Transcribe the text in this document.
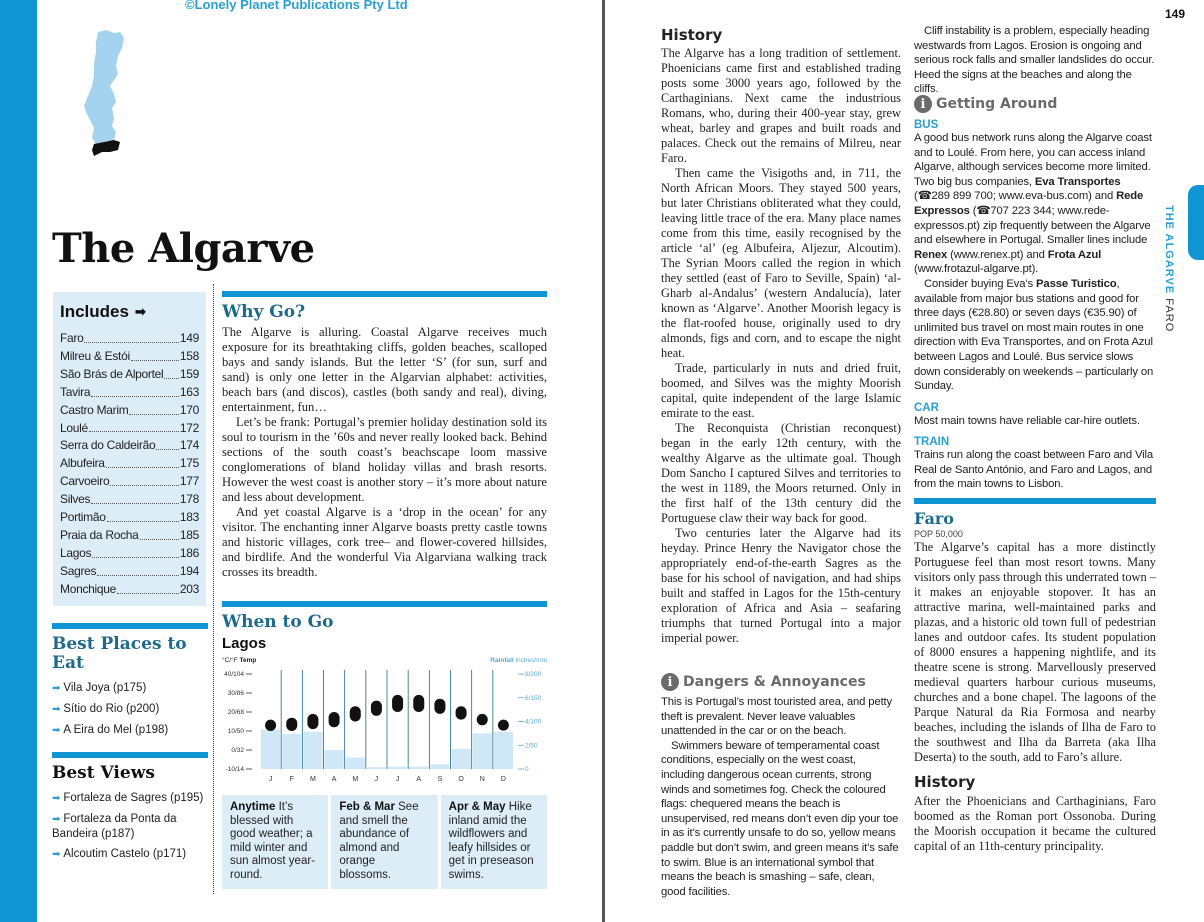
©Lonely Planet Publications Pty Ltd
The Algarve
Includes ➡
Faro	149
Milreu & Estói	158
São Brás de Alportel 159
Tavira	163
Castro Marim	170
Loulé	172
Serra do Caldeirão 174
Albufeira	175
Carvoeiro	177
Silves	178
Portimão	183
Praia da Rocha	185
Lagos	186
Sagres	194
Monchique	203
Best Places to Eat
➡ Vila Joya (p175)
➡ Sítio do Rio (p200)
➡ A Eira do Mel (p198)
Best Views
➡ Fortaleza de Sagres (p195)
➡ Fortaleza da Ponta da Bandeira (p187)
➡ Alcoutim Castelo (p171)
Why Go?

The Algarve is alluring. Coastal Algarve receives much exposure for its breathtaking cliffs, golden beaches, scalloped bays and sandy islands. But the letter ‘S’ (for sun, surf and sand) is only one letter in the Algarvian alphabet: activities, beach bars (and discos), castles (both sandy and real), diving, entertainment, fun…

Let’s be frank: Portugal’s premier holiday destination sold its soul to tourism in the ’60s and never really looked back. Behind sections of the south coast’s beachscape loom massive conglomerations of bland holiday villas and brash resorts. However the west coast is another story – it’s more about nature and less about development.

And yet coastal Algarve is a ‘drop in the ocean’ for any visitor. The enchanting inner Algarve boasts pretty castle towns and historic villages, cork tree– and flower-covered hillsides, and birdlife. And the wonderful Via Algarviana walking track crosses its breadth.

When to Go
Lagos
°C/°F Temp	Rainfall inches/mm
40/104
30/86
20/68
10/50
0/32
-10/14
8/200
6/150
4/100
2/50
0
J F M A M J	J A S O N D
Anytime It’s blessed with good weather; a mild winter and sun almost year-round.
Feb & Mar See and smell the abundance of almond and orange blossoms.
Apr & May Hike inland amid the wildflowers and leafy hillsides or get in preseason swims.
149
History

The Algarve has a long tradition of settlement. Phoenicians came first and established trading posts some 3000 years ago, followed by the Carthaginians. Next came the industrious Romans, who, during their 400-year stay, grew wheat, barley and grapes and built roads and palaces. Check out the remains of Milreu, near Faro.

Then came the Visigoths and, in 711, the North African Moors. They stayed 500 years, but later Christians obliterated what they could, leaving little trace of the era. Many place names come from this time, easily recognised by the article ‘al’ (eg Albufeira, Aljezur, Alcoutim). The Syrian Moors called the region in which they settled (east of Faro to Seville, Spain) ‘al-Gharb al-Andalus’ (western Andalucía), later known as ‘Algarve’. Another Moorish legacy is the flat-roofed house, originally used to dry almonds, figs and corn, and to escape the night heat.

Trade, particularly in nuts and dried fruit, boomed, and Silves was the mighty Moorish capital, quite independent of the large Islamic emirate to the east.

The Reconquista (Christian reconquest) began in the early 12th century, with the wealthy Algarve as the ultimate goal. Though Dom Sancho I captured Silves and territories to the west in 1189, the Moors returned. Only in the first half of the 13th century did the Portuguese claw their way back for good.

Two centuries later the Algarve had its heyday. Prince Henry the Navigator chose the appropriately end-of-the-earth Sagres as the base for his school of navigation, and had ships built and staffed in Lagos for the 15th-century exploration of Africa and Asia – seafaring triumphs that turned Portugal into a major imperial power.

i Dangers & Annoyances

This is Portugal’s most touristed area, and petty theft is prevalent. Never leave valuables unattended in the car or on the beach.

Swimmers beware of temperamental coast conditions, especially on the west coast, including dangerous ocean currents, strong winds and sometimes fog. Check the coloured flags: chequered means the beach is unsupervised, red means don’t even dip your toe in as it’s currently unsafe to do so, yellow means paddle but don’t swim, and green means it’s safe to swim. Blue is an international symbol that means the beach is smashing – safe, clean, good facilities.

Cliff instability is a problem, especially heading westwards from Lagos. Erosion is ongoing and serious rock falls and smaller landslides do occur. Heed the signs at the beaches and along the cliffs.

i Getting Around
BUS

A good bus network runs along the Algarve coast and to Loulé. From here, you can access inland Algarve, although services become more limited. Two big bus companies, Eva Transportes (☎289 899 700; www.eva-bus.com) and Rede Expressos (☎707 223 344; www.rede-expressos.pt) zip frequently between the Algarve and elsewhere in Portugal. Smaller lines include Renex (www.renex.pt) and Frota Azul (www.frotazul-algarve.pt).

Consider buying Eva’s Passe Turistico, available from major bus stations and good for three days (€28.80) or seven days (€35.90) of unlimited bus travel on most main routes in one direction with Eva Transportes, and on Frota Azul between Lagos and Loulé. Bus service slows down considerably on weekends – particularly on Sunday.

CAR
Most main towns have reliable car-hire outlets.
TRAIN
Trains run along the coast between Faro and Vila Real de Santo António, and Faro and Lagos, and from the main towns to Lisbon.
Faro
POP 50,000
The Algarve’s capital has a more distinctly Portuguese feel than most resort towns. Many visitors only pass through this underrated town – it makes an enjoyable stopover. It has an attractive marina, well-maintained parks and plazas, and a historic old town full of pedestrian lanes and outdoor cafes. Its student population of 8000 ensures a happening nightlife, and its theatre scene is strong. Marvellously preserved medieval quarters harbour curious museums, churches and a bone chapel. The lagoons of the Parque Natural da Ria Formosa and nearby beaches, including the islands of Ilha de Faro to the southwest and Ilha da Barreta (aka Ilha Deserta) to the south, add to Faro’s allure.
History
After the Phoenicians and Carthaginians, Faro boomed as the Roman port Ossonoba. During the Moorish occupation it became the cultured capital of an 11th-century principality.
THE ALGARVE FARO
